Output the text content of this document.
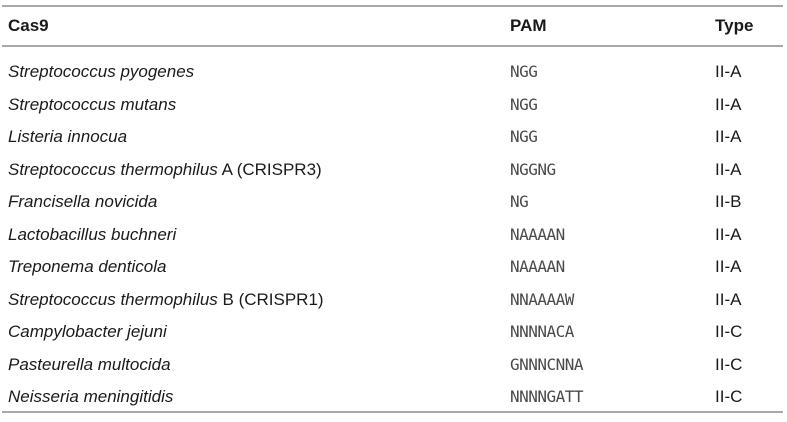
Cas9	PAM	Type
Streptococcus pyogenes	NGG	II-A
Streptococcus mutans	NGG	II-A
Listeria innocua	NGG	II-A
Streptococcus thermophilus A (CRISPR3)	NGGNG	II-A
Francisella novicida	NG	II-B
Lactobacillus buchneri	NAAAAN	II-A
Treponema denticola	NAAAAN	II-A
Streptococcus thermophilus B (CRISPR1)	NNAAAAW	II-A
Campylobacter jejuni	NNNNACA	II-C
Pasteurella multocida	GNNNCNNA	II-C
Neisseria meningitidis	NNNNGATT	II-C
